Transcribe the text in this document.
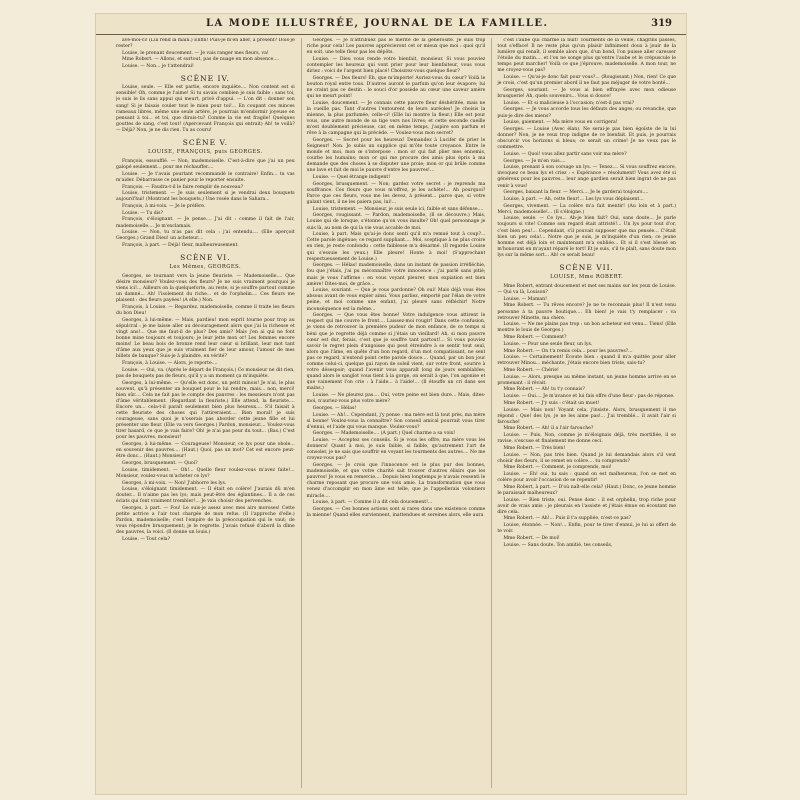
LA MODE ILLUSTRÉE, JOURNAL DE LA FAMILLE.	319

ave-moi-ci! (Lui rend la main.) Enfin! Puis-je m'en aller, à présent? Dois-je rester?

Louise, le prenant doucement. — Je vais ranger mes fleurs, va!

Mme Robert. — Allons, et surtout, pas de nuage en mon absence....

Louise. — Non... je t'attendrai!

SCÈNE IV.

Louise, seule. — Elle est partie, encore inquiète.... Non content est si sensible! Oh, comme je l'aime! Si tu savais combien je suis faible : sans toi, je suis le lis sans appui qui meurt, privé d'appui. — L'on dit : donner son sang! Si je faisais couler tout le mien pour toi!... En coupant ces minces rameaux libres, même une seule artère, je pourrais m'endormir joyeuse en pensant à toi... et toi, que dirais-tu? Comme la vie est fragile! Quelques gouttes de sang, c'est tout! (Apercevant François qui entrait) Ah! te voilà? — Déjà? Non, je ne dis rien. Tu as couru!

SCÈNE V.

LOUISE, FRANÇOIS, puis GEORGES.

François, essoufflé. — Non, mademoiselle. C'est-à-dire que j'ai un peu galopé seulement... pour me réchauffer....

Louise. — Je t'avais pourtant recommandé le contraire! Enfin... tu vas m'aider. Débarrasse ce panier pour le reporter ensuite.

François. — Faudra-t-il le faire remplir de nouveau?

Louise, tristement. — Je suis seulement si je vendrai deux bouquets aujourd'hui! (Montrant les bouquets.) Une rosée dans le Sahara...

François, à mi-voix. — Je le préfère.

Louise. — Tu dis?

François, s'éloignant. — Je pense.... J'ai dit : comme il fait de l'air, mademoiselle.... Je m'exclamais.

Louise. — Non, tu n'as pas dit cela : j'ai entendu.... (Elle aperçoit Georges.) Grand Dieu! un acheteur....

François, à part. — Déjà! fleur, malheureusement.

SCÈNE VI.

Les Mêmes, GEORGES.

Georges, se tournant vers la jeune fleuriste. — Mademoiselle.... Que désire monsieur? Voulez-vous des fleurs? Je ne suis vraiment pourquoi je viens ici!... Ailleurs on la quelqueforte, au reste, si je souffre partout comme un damné... Ah! l'isolement du riche... et de l'orphelin.... Ces fleurs me plaisent : des fleurs payées! (A elle.) Non.

François, à Louise. — Regardez, mademoiselle, comme il traite les fleurs du bon Dieu!

Georges, à lui-même. — Mais, pardieu! mon esprit tourne pour trop au sépulcral : je me laisse aller au découragement alors que j'ai la richesse et vingt ans!... Que me faut-il de plus? Des amis? Mais j'en ai qui ne font bonne mine toujours et toujours; je leur jette mon or! Les femmes encore moins! Le beau bois de bronze rend leur cœur si brillant, leur mot tant d'âme aux yeux que je suis vraiment fier de leur amour, l'amour de mes billets de banque? Suis-je à plaindre, en vérité?

François, à Louise. — Alors, je reporte....

Louise. — Oui, va. (Après le départ de François.) Ce monsieur ne dit rien, pas de bouquets pas de fleurs, qu'il y a un moment ça m'inquiète.

Georges, à lui-même. — Qu'elle est donc, un petit minois! Je n'ai, le plus souvent, qu'à présenter un bouquet pour le lui rendre, mais... non, merci! bien sûr.... Cela ne fait pas le compte des pauvres : les messieurs n'ont pas d'âme véritablement. (Regardant la fleuriste.) Elle attend, la fleuriste.... Encore un... cela-t-il paraît seulement bien plus heureux.... S'il faisait à cette fleuriste des choses qui l'attireraient.... Bien moral! je suis courageuse, sans quoi je n'oserais pas aborder cette jeune fille et lui présenter une fleur. (Elle va vers Georges.) Pardon, monsieur.... Voulez-vous tirer hasard, ce que je vais faire? Oh! je n'ai pas peur du tout... (Bas.) C'est pour les pauvres, monsieur!

Georges, à lui-même. — Courageuse! Monsieur, ce lys pour une obole... en souvenir des pauvres.... (Haut.) Quoi, pas un mot? Cet est encore peut-être donc... (Haut.) Monsieur!

Georges, brusquement. — Quoi?

Louise, timidement. — Oh!... Quelle fleur voulez-vous m'avez faite!... Monsieur, voulez-vous m'acheter ce lys?

Georges, à mi-voix. — Non! J'abhorre les lys.

Louise, s'éloignant timidement. — Il était en colère! J'aurais dû m'en douter... Il n'aime pas les lys; mais peut-être des églantines... Il a de ces éclats qui font vraiment trembler!... Je vais choisir des pervenches.

Georges, à part. — Fou! Le suis-je assez avec mes airs moroses! Cette petite actrice a l'air tout chargée de mon refus. (Il l'approche d'elle.) Pardon, mademoiselle; c'est l'empire de la préoccupation qui le vaut; de vous répondre brusquement; je le regrette. J'avais refusé d'abord la dîme des pauvres, la voici. (Il donne un louis.)

Louise. — Tout cela?

Georges. — Je n'attribuez pas le mérite de la générosité. Je suis trop riche pour cela! Les pauvres apprécieront cet or mieux que moi : quoi qu'il en soit, une telle fleur pas les dépôts.

Louise. — Dieu vous rende votre bienfait, monsieur. Si vous pouviez contempler les heureux qui vont prier pour leur bienfaiteur, vous vous diriez : voici de l'argent bien placé! Choisirez-vous quelque fleur?

Georges. — Des fleurs! Eh, que m'importe! Auriez-vous du cœur? Voilà le bouton royal entre tous. D'autres auront le parfum qu'on leur évapore; lui ne craint pas ce destin : le souci d'or possède au cœur une saveur amère qui ne meurt point!

Louise, doucement. — Je connais cette pauvre fleur déshéritée, mais ne la cueille pas. Tant d'autres l'entourent de leurs auréoles! Je choisis la mienne, la plus parfumée, celle-ci! (Elle lui montre la fleur.) Elle est pour vous, une autre monde de sa tige vers nos livres; et cette seconde cueille m'est doublement précieuse, car, en même temps, j'aspire son parfum et rêve à la campagne qui la précède. — Voulez-vous mon secret?

Georges. — Secret pour les heureux! Demandez à Lucifer de prier le Seigneur! Non. Je subis un supplice qui m'ôte toute croyance. Entre le monde et moi, mon œ s'interpose : mon or qui fait plier mes ennemis, courbe les humains; mon or qui me procure des amis plus épris à ma demande que des choses à se disputer une proie; mon or qui brûle comme une lave et fait de moi le pauvre d'entre les pauvres!...

Louise. — Quel étrange indigent!

Georges, brusquement. — Non; gardez votre secret : je reprends ma souffrance. Ces fleurs que vous m'offrez, je les achète!... Ah pourquoi? Parce que ces fleurs, vous me les devez, à présent... parce que, si votre galant vient, il ne les paiera pas, lui!...

Louise, tristement. — Monsieur, je suis seule ici, faible et sans défense....

Georges, rougissant. — Pardon, mademoiselle, (Il se découvre.) Mais, Louise qui de lorsque, s'étonne qu'on vous insulte? Oh! quel personnage je suis là, au nom de qui la vie vous accable de moi.

Louise, à part. Mais qu'ai-je donc senti qu'il m'a remué tout à coup?... Cette parole ingénue; ce regard suppliant.... Moi, sceptique à ne plus croire en rien, je reste confondu : cette faiblesse m'a désarmé. (Il regarde Louise qui s'essuie les yeux.) Elle pleure! Honte à moi! (S'approchant respectueusement de Louise.)

Georges. — Hélas! mademoiselle, dans un instant de passion irréfléchie, fou que j'étais, j'ai pu méconnaître votre innocence : j'ai parlé sans pitié; mais je vous l'affirme : en vous voyant pleurer, mon expiation est bien amère! Dites-moi, de grâce...

Louise, souriant. — Que je vous pardonne? Oh oui! Mais déjà vous êtes absous avant de vous expier ainsi. Vous parliez, emporté par l'élan de votre peine, et moi comme une enfant, j'ai pleuré sans réfléchir! Notre inconséquence est la même...

Georges. — Que vous êtes bonne! Votre indulgence vous attirent le respect qui me couvre le front.... Laissez-moi rougir! Dans cette confusion, je viens de retrouver la première pudeur de mon enfance, de ce temps si béni que je regrette déjà comme si j'étais un vieillard! Ah, si mon pauvre cœur est dur, ferais, c'est que je souffre tant partout!... Si vous pouviez savoir le regret plein d'angoisse qui peut étreindre à se sentir tout seul, alors que l'âme, en quête d'un bon regard, d'un mot compatissant, ne sent pas ce regard, n'entend point cette parole douce.... Quand, par un bon jour comme celui-ci, quelque gai rayon de soleil vient, sur votre front, sourire à votre désespoir; quand l'avenir vous apparaît long de jours semblables; quand alors le sanglot vous tient à la gorge, on serait à que, l'on agonise et que vainement l'on crie : à l'aide... à l'aide!... (Il étouffe un cri dans ses mains.)

Louise. — Ne pleurez pas.... Oui, votre peine est bien dure... Mais, dites-moi, n'auriez-vous plus votre mère?

Georges. — Hélas!

Louise. — Ah!... Cependant, j'y pense : ma mère est là tout près, ma mère si bonne! Voulez-vous la connaître? Son conseil amical pourrait vous tirer d'ennui, et l'aide qui vous manque. Voulez-vous?

Georges. — Mademoiselle.... (A part.) Quel charme a sa voix!

Louise. — Acceptez ses conseils. Si je vous les offre, ma mère vous les donnera! Quant à moi, je suis faible, si faible, qu'autrement l'art de consoler, je ne sais que souffrir en voyant les tourments des autres.... Ne me croyez-vous pas?

Georges. — Je crois que l'innocence est le plus pur des bonnes, mademoiselle, et que votre charité sait trouver d'autres élixirs que les pauvres! Je vous en remercie.... Depuis bien longtemps je n'avais ressenti le charme reposant que procure une voix amie. La transformation que vous venez d'accomplir en mon âme est telle, que je l'appellerais volontiers miracle....

Louise, à part. — Comme il a dit cela doucement!...

Georges. — Ces bonnes actions sont si rares dans une existence comme la mienne! Quand elles surviennent, inattendues et sereines alors, elle aura

c'est l'aube qui charme la nuit! Tourments de la veille, chagrins passés, tout s'efface! Il ne reste plus qu'un plaisir infiniment doux à jouir de la lumière qui renaît, il semble alors que, d'un bond, l'on puisse aller caresser l'étoile du matin.... et l'on ne songe plus qu'entre l'aube et le crépuscule le temps peut marcher! Voilà ce que j'éprouve, mademoiselle. A mon tour, ne me croyez-vous pas?

Louise. — Qu'ai-je donc fait pour vous?... (Rougissant.) Non, rien! Ce que je crois, c'est qu'un premier abord il ne faut pas méjuger de votre bonté...

Georges, souriant. — Je vous ai bien effrayée avec mon odieuse brusquerie! Ah, quels souvenirs... Vous si douce!

Louise. — Et si malicieuse à l'occasion; n'est-il pas vrai?

Georges. — Je vous accorde tous les défauts des anges; ou revanche, que puis-je dire des miens?

Louise, gaiement. — Ma mère vous en corrigera!

Georges. — Louise (Avec élan). Ne serai-je pas bien égoïste de la lui donner? Non, je ne veux trop indigne de ce bienfait. Et puis, je pourrais obscurcir vos horizons si bleus; ce serait un crime! Je ne veux pas le commettre.

Louise. — Quoi! vous allez partir sans voir ma mère?

Georges. — Je m'en vais....

Louise, prenant à son corsage un lys. — Tenez.... Si vous souffrez encore, invoquez ce beau lys et criez : « Espérance » résolument! Vous avez été si généreux pour les pauvres... leur ange gardien serait bien ingrat de ne pas venir à vous!

Georges, baisant la fleur. — Merci.... Je le garderai toujours....

Louise, à part. — Ah, cette fleur!... Les lys vous déplaisent...

Georges, vivement. — La colère m'a fait mentir! (Au loin et à part.) Merci, mademoiselle!... (Il s'éloigne.)

Louise, seule. — Ce lys... Ah-je bien fait? Oui, sans doute... Je parle toujours si vite! Comme son regard était attristé!... Un lys pour tout d'or, c'est bien peu!... Cependant, s'il pouvait supposer que ma pensée... C'était bien un peu cela!... Notre que je suis, je m'inquiète d'un rien; ce jeune homme est déjà loin et maintenant m'a oubliée... Et si il s'est blessé en m'honorant en m'ayant réparé le tort! Et je suis, s'il te plaît, sans doute mon lys sur la même sort... Ah! ce serait beau!

SCÈNE VII.

LOUISE, Mme ROBERT.

Mme Robert, entrant doucement et met ses mains sur les yeux de Louise. — Qui va là, Louison?

Louise. — Maman!

Mme Robert. — Tu rêves encore? Je ne te reconnais plus! Il n'est venu personne à ta pauvre boutique.... Eh bien! je vais t'y remplacer : va retrouver Minette, ma chère.

Louise. — Ne me plains pas trop : un bon acheteur est venu... Tiens! (Elle montre le louis de Georges.)

Mme Robert. — Comment?

Louise. — Pour une seule fleur, un lys.

Mme Robert. — On t'a remis cela... pour les pauvres?...

Louise. — Certainement! Écoute bien : quand il m'a quittée pour aller retrouver Minou... méchante, j'étais encore bien triste, sais-tu?

Mme Robert. — Chérie!

Louise. — Alors, presque au même instant, un jeune homme arrive en se promenant : il rêvait.

Mme Robert. — Ah! tu t'y connais?

Louise. — Oui.... Je m'avance et lui fais offre d'une fleur : pas de réponse.

Mme Robert. — J'y suis : c'était un muet!

Louise. — Mais non! Voyant cela, j'insiste. Alors, brusquement il me répond : Que! des lys, je ne les aime pas!... J'ai tremblé... il avait l'air si farouche!

Mme Robert. — Ah! il a l'air farouche?

Louise. — Puis, Non, comme je m'éloignais déjà, très mortifiée, il se ravise, s'excuse et finalement me donne ceci.

Mme Robert. — Très bien!

Louise. — Non, pas très bien. Quand je lui demandais alors s'il veut choisir des fleurs, il se remet en colère.... tu comprends?

Mme Robert. — Comment, je comprends, moi!

Louise. — Eh! oui, tu sais : quand on est malheureux, l'on se met en colère pour avoir l'occasion de se repentir!

Mme Robert, à part. — D'où naît-elle cela? (Haut.) Donc, ce jeune homme le paraissait malheureux?

Louise. — Bien triste, oui. Pense donc : il est orphelin, trop riche pour avoir de vrais amis : je pleurais en l'assiste et j'étais émue en écoutant me dire cela.

Mme Robert. — Ah!... Puis il t'a suppliée, n'est-ce pas?

Louise, étonnée. — Non!... Enfin, pour te tirer d'ennui, je lui ai offert de te voir.

Mme Robert. — De moi!

Louise. — Sans doute. Ton amitié, tes conseils,
